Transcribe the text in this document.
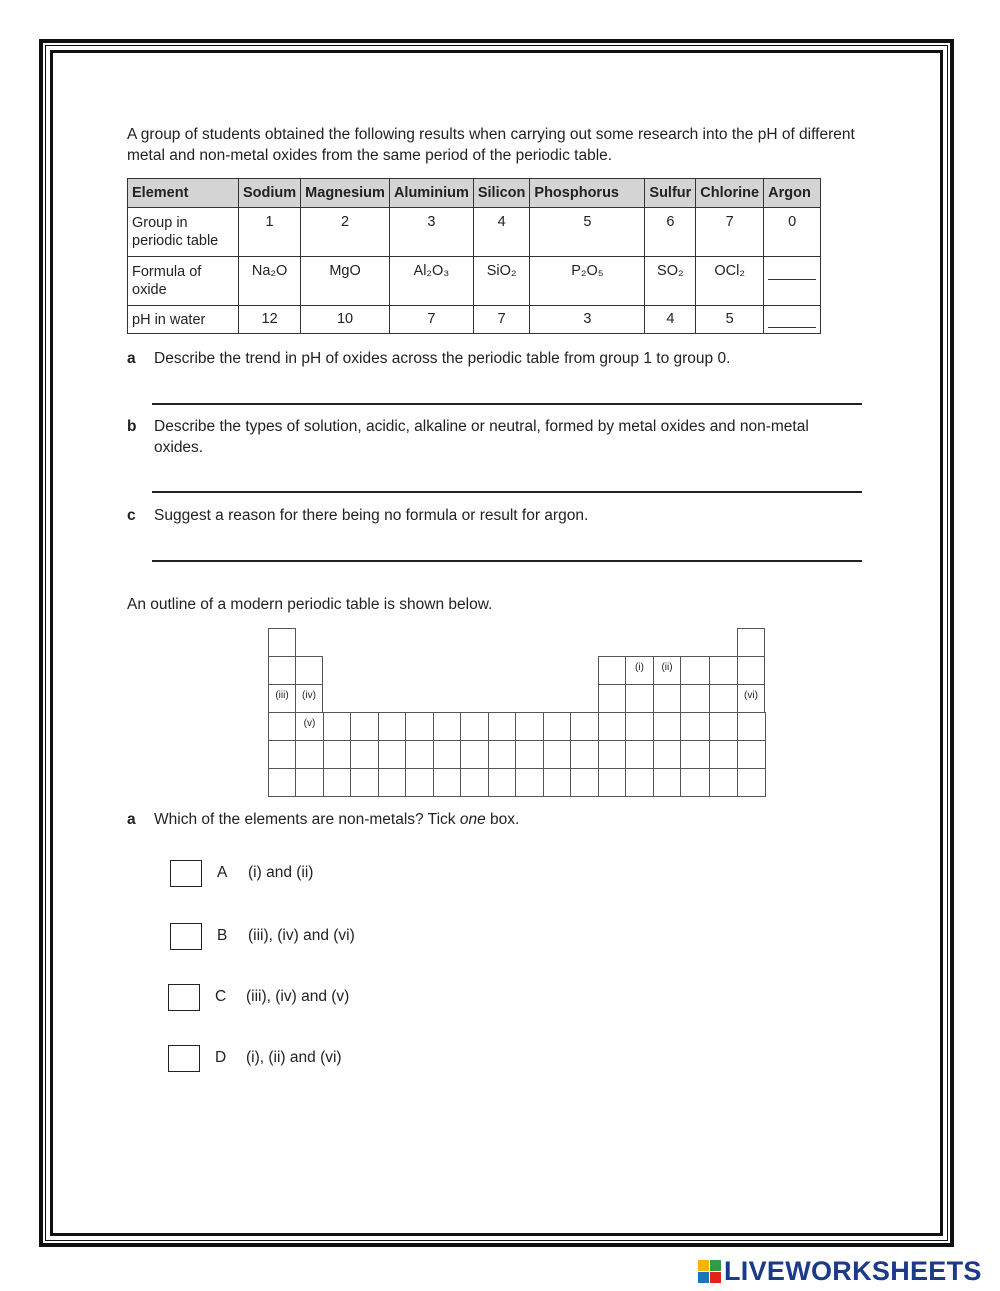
A group of students obtained the following results when carrying out some research into the pH of different metal and non-metal oxides from the same period of the periodic table.
Element	Sodium	Magnesium	Aluminium	Silicon	Phosphorus	Sulfur	Chlorine	Argon
Group in periodic table	1	2	3	4	5	6	7	0
Formula of oxide	Na₂O	MgO	Al₂O₃	SiO₂	P₂O₅	SO₂	OCl₂	
pH in water	12	10	7	7	3	4	5	
a Describe the trend in pH of oxides across the periodic table from group 1 to group 0.
b Describe the types of solution, acidic, alkaline or neutral, formed by metal oxides and non-metal oxides.
c Suggest a reason for there being no formula or result for argon.
An outline of a modern periodic table is shown below.
(i)	(ii)
(iii)	(iv)	(vi)
(v)
a Which of the elements are non-metals? Tick one box.
A (i) and (ii)
B (iii), (iv) and (vi)
C (iii), (iv) and (v)
D (i), (ii) and (vi)
LIVEWORKSHEETS
